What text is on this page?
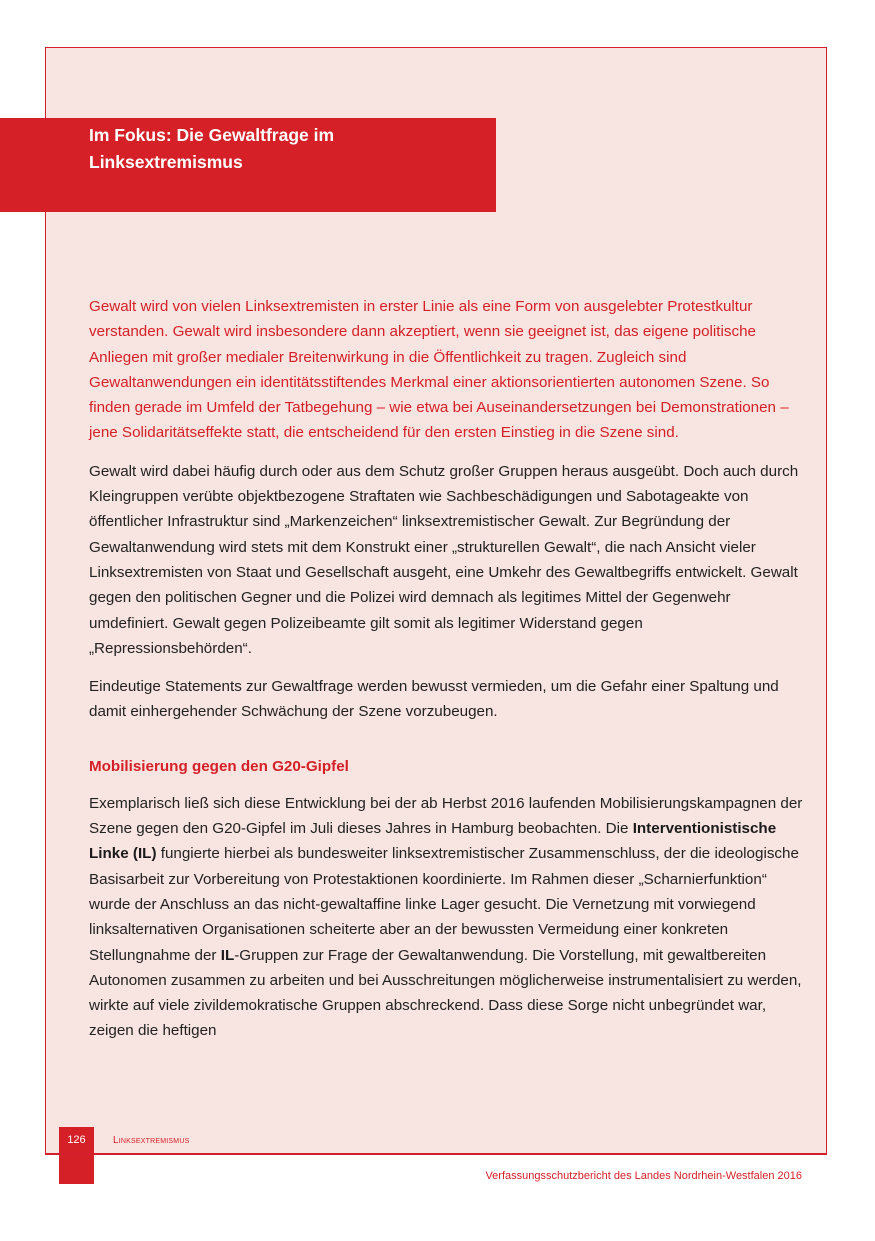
Im Fokus: Die Gewaltfrage im Linksextremismus

Gewalt wird von vielen Linksextremisten in erster Linie als eine Form von ausgelebter Protestkultur verstanden. Gewalt wird insbesondere dann akzeptiert, wenn sie geeignet ist, das eigene politische Anliegen mit großer medialer Breitenwirkung in die Öffentlichkeit zu tragen. Zugleich sind Gewaltanwendungen ein identitätsstiftendes Merkmal einer aktionsorientierten autonomen Szene. So finden gerade im Umfeld der Tatbegehung – wie etwa bei Auseinandersetzungen bei Demonstrationen – jene Solidaritätseffekte statt, die entscheidend für den ersten Einstieg in die Szene sind.

Gewalt wird dabei häufig durch oder aus dem Schutz großer Gruppen heraus ausgeübt. Doch auch durch Kleingruppen verübte objektbezogene Straftaten wie Sachbeschädigungen und Sabotageakte von öffentlicher Infrastruktur sind „Markenzeichen“ linksextremistischer Gewalt. Zur Begründung der Gewaltanwendung wird stets mit dem Konstrukt einer „strukturellen Gewalt“, die nach Ansicht vieler Linksextremisten von Staat und Gesellschaft ausgeht, eine Umkehr des Gewaltbegriffs entwickelt. Gewalt gegen den politischen Gegner und die Polizei wird demnach als legitimes Mittel der Gegenwehr umdefiniert. Gewalt gegen Polizeibeamte gilt somit als legitimer Widerstand gegen „Repressionsbehörden“.

Eindeutige Statements zur Gewaltfrage werden bewusst vermieden, um die Gefahr einer Spaltung und damit einhergehender Schwächung der Szene vorzubeugen.

Mobilisierung gegen den G20-Gipfel

Exemplarisch ließ sich diese Entwicklung bei der ab Herbst 2016 laufenden Mobilisierungskampagnen der Szene gegen den G20-Gipfel im Juli dieses Jahres in Hamburg beobachten. Die Interventionistische Linke (IL) fungierte hierbei als bundesweiter linksextremistischer Zusammenschluss, der die ideologische Basisarbeit zur Vorbereitung von Protestaktionen koordinierte. Im Rahmen dieser „Scharnierfunktion“ wurde der Anschluss an das nicht-gewaltaffine linke Lager gesucht. Die Vernetzung mit vorwiegend linksalternativen Organisationen scheiterte aber an der bewussten Vermeidung einer konkreten Stellungnahme der IL-Gruppen zur Frage der Gewaltanwendung. Die Vorstellung, mit gewaltbereiten Autonomen zusammen zu arbeiten und bei Ausschreitungen möglicherweise instrumentalisiert zu werden, wirkte auf viele zivildemokratische Gruppen abschreckend. Dass diese Sorge nicht unbegründet war, zeigen die heftigen

126	Linksextremismus
Verfassungsschutzbericht des Landes Nordrhein-Westfalen 2016
